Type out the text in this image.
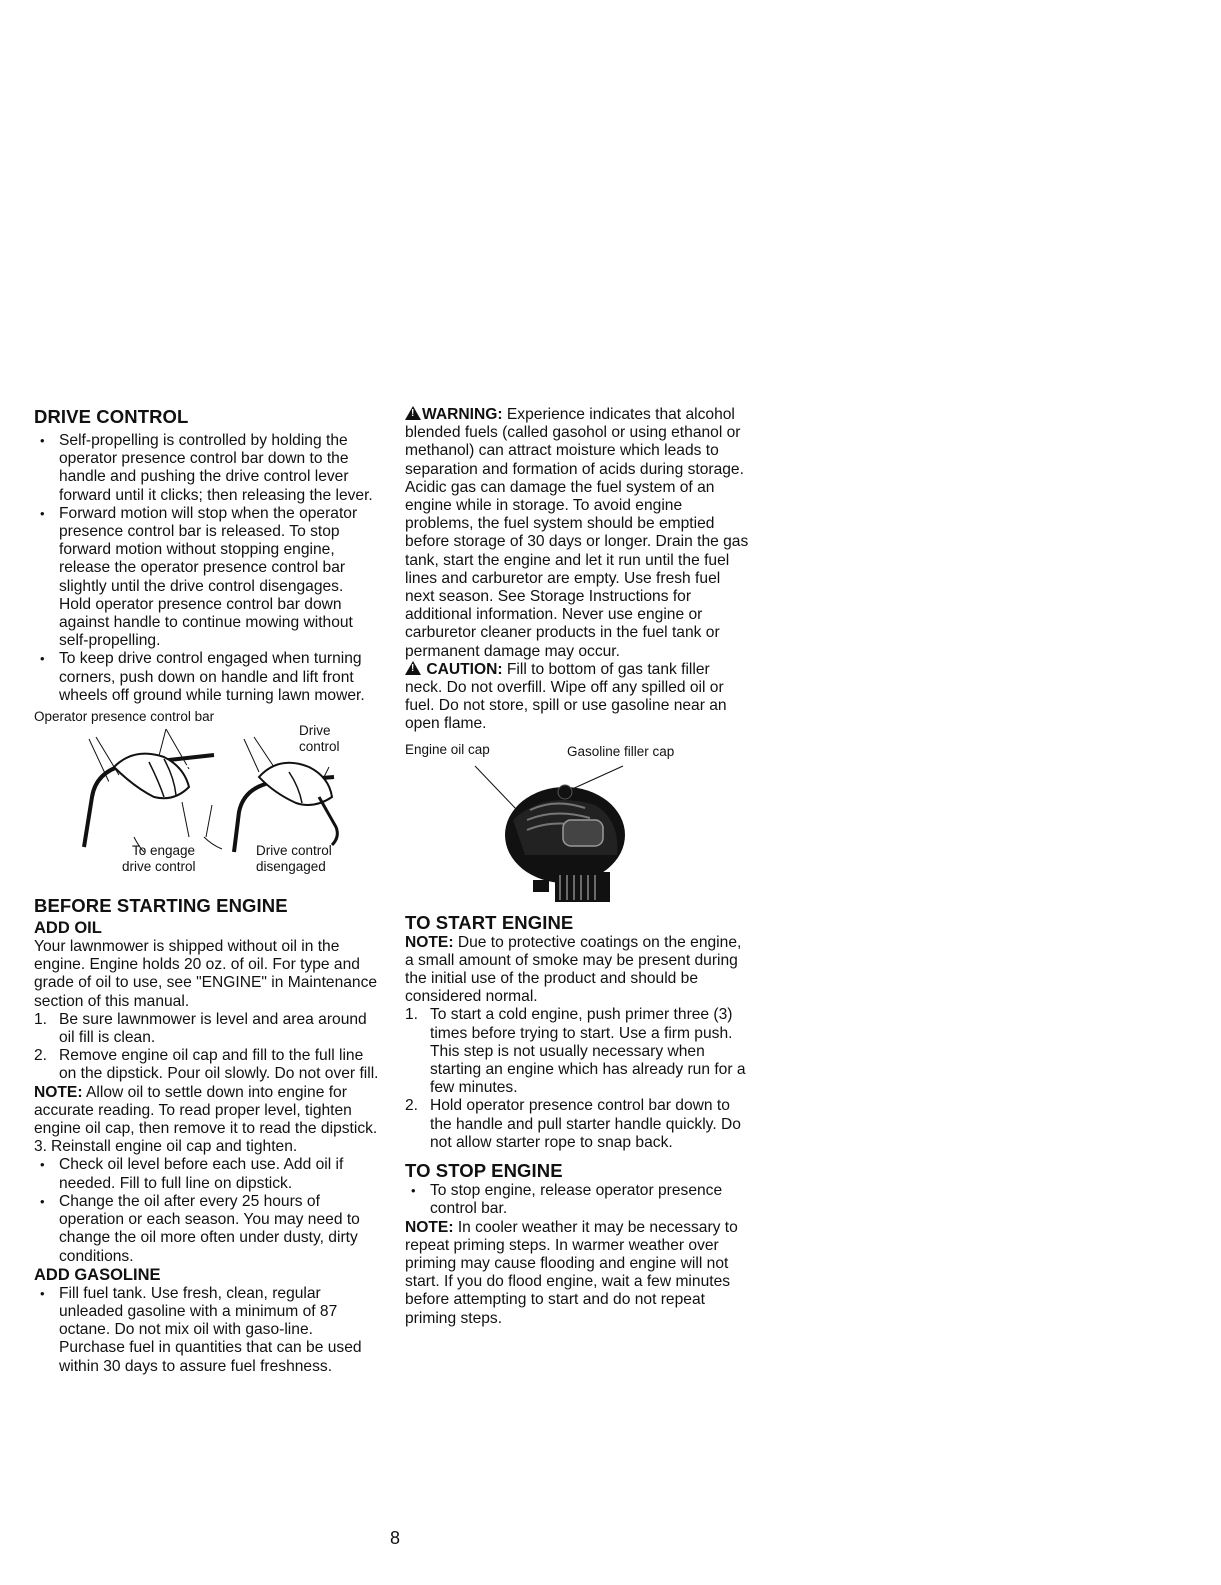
DRIVE CONTROL
• Self-propelling is controlled by holding the operator presence control bar down to the handle and pushing the drive control lever forward until it clicks; then releasing the lever.
• Forward motion will stop when the operator presence control bar is released. To stop forward motion without stopping engine, release the operator presence control bar slightly until the drive control disengages. Hold operator presence control bar down against handle to continue mowing without self-propelling.
• To keep drive control engaged when turning corners, push down on handle and lift front wheels off ground while turning lawn mower.
Operator presence control bar
Drive
control
To engage
drive control
Drive control
disengaged
BEFORE STARTING ENGINE
ADD OIL

Your lawnmower is shipped without oil in the engine. Engine holds 20 oz. of oil. For type and grade of oil to use, see "ENGINE" in Maintenance section of this manual.

1. Be sure lawnmower is level and area around oil fill is clean.
2. Remove engine oil cap and fill to the full line on the dipstick. Pour oil slowly. Do not over fill.

NOTE: Allow oil to settle down into engine for accurate reading. To read proper level, tighten engine oil cap, then remove it to read the dipstick.

3. Reinstall engine oil cap and tighten.
• Check oil level before each use. Add oil if needed. Fill to full line on dipstick.
• Change the oil after every 25 hours of operation or each season. You may need to change the oil more often under dusty, dirty conditions.
ADD GASOLINE
• Fill fuel tank. Use fresh, clean, regular unleaded gasoline with a minimum of 87 octane. Do not mix oil with gaso-line. Purchase fuel in quantities that can be used within 30 days to assure fuel freshness.

!WARNING: Experience indicates that alcohol blended fuels (called gasohol or using ethanol or methanol) can attract moisture which leads to separation and formation of acids during storage. Acidic gas can damage the fuel system of an engine while in storage. To avoid engine problems, the fuel system should be emptied before storage of 30 days or longer. Drain the gas tank, start the engine and let it run until the fuel lines and carburetor are empty. Use fresh fuel next season. See Storage Instructions for additional information. Never use engine or carburetor cleaner products in the fuel tank or permanent damage may occur.

! CAUTION: Fill to bottom of gas tank filler neck. Do not overfill. Wipe off any spilled oil or fuel. Do not store, spill or use gasoline near an open flame.

Engine oil cap	Gasoline filler cap
TO START ENGINE

NOTE: Due to protective coatings on the engine, a small amount of smoke may be present during the initial use of the product and should be considered normal.

1. To start a cold engine, push primer three (3) times before trying to start. Use a firm push. This step is not usually necessary when starting an engine which has already run for a few minutes.
2. Hold operator presence control bar down to the handle and pull starter handle quickly. Do not allow starter rope to snap back.
TO STOP ENGINE
• To stop engine, release operator presence control bar.

NOTE: In cooler weather it may be necessary to repeat priming steps. In warmer weather over priming may cause flooding and engine will not start. If you do flood engine, wait a few minutes before attempting to start and do not repeat priming steps.

8
